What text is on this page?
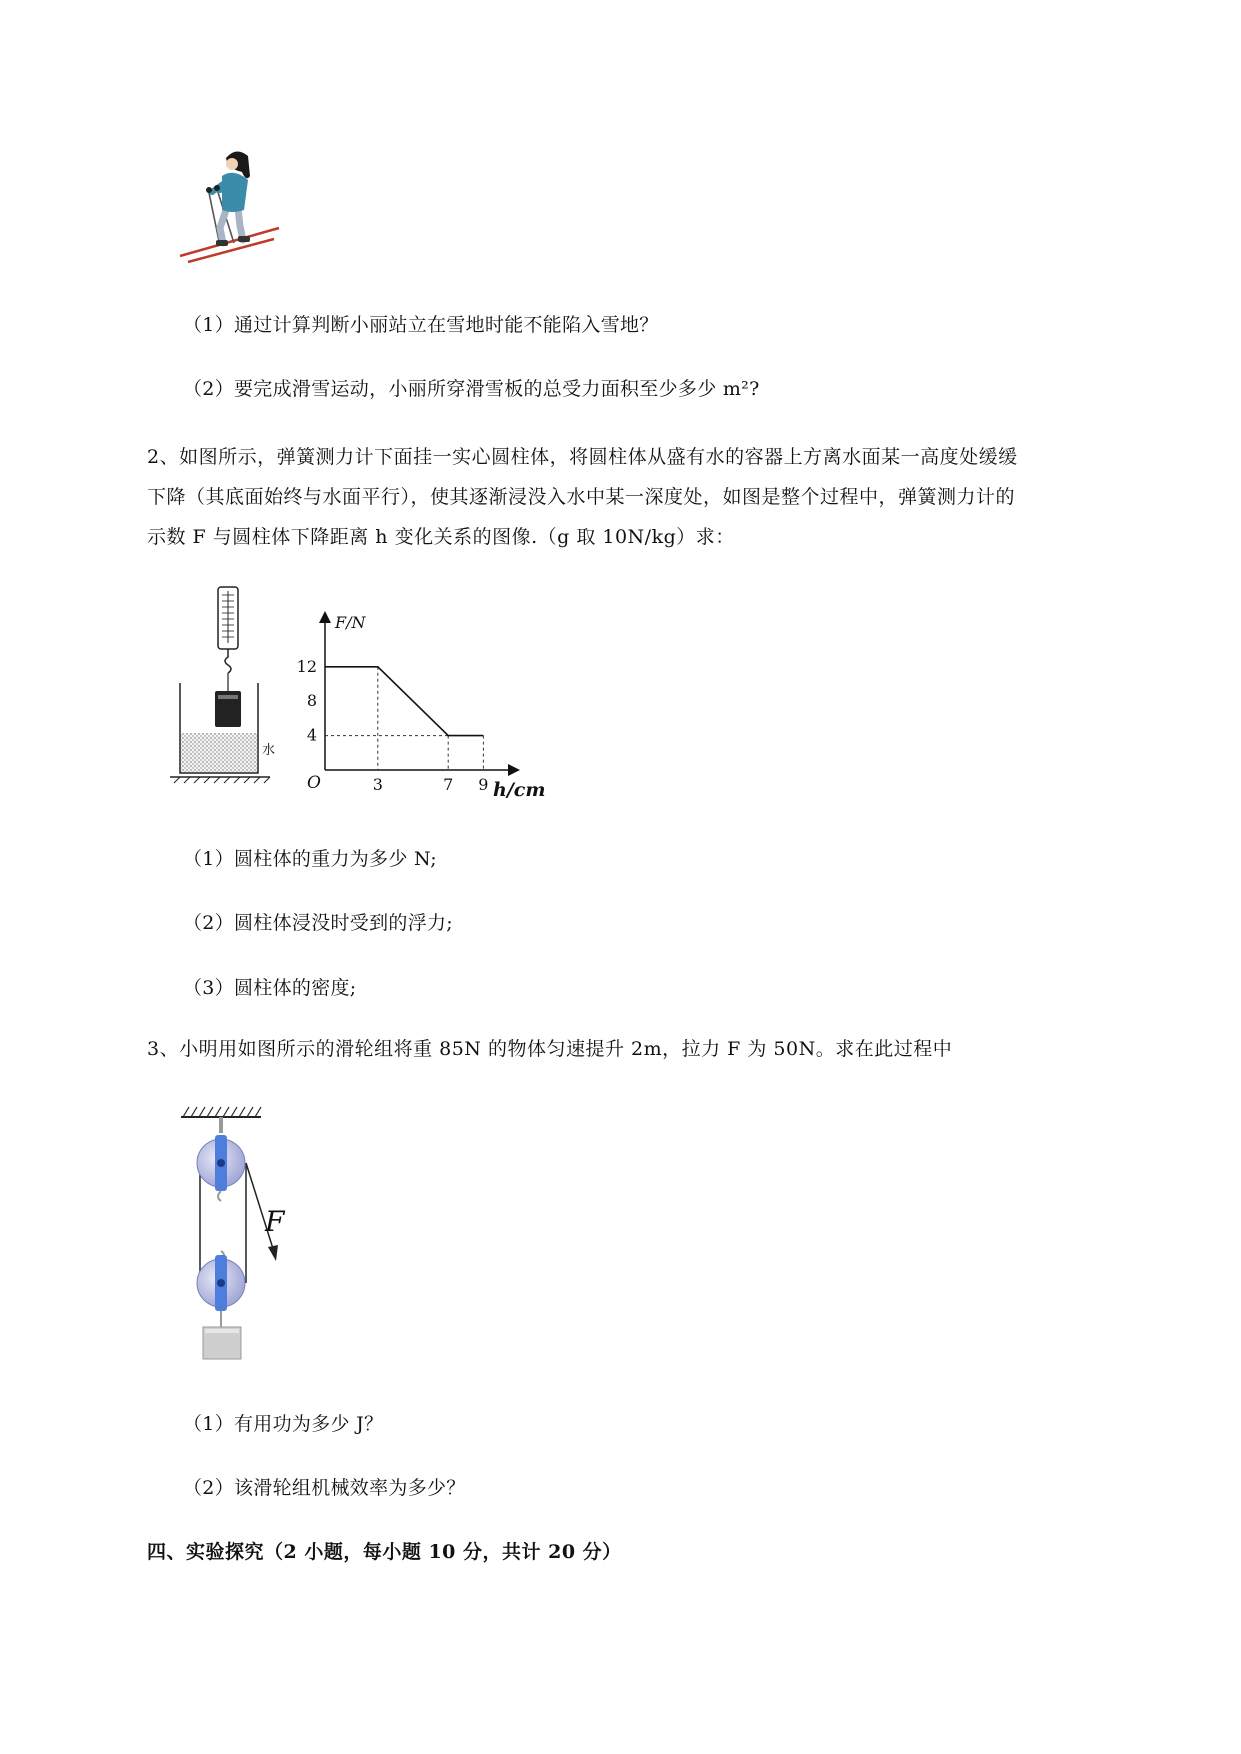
（1）通过计算判断小丽站立在雪地时能不能陷入雪地？
（2）要完成滑雪运动，小丽所穿滑雪板的总受力面积至少多少 m²?
2、如图所示，弹簧测力计下面挂一实心圆柱体，将圆柱体从盛有水的容器上方离水面某一高度处缓缓
下降（其底面始终与水面平行），使其逐渐浸没入水中某一深度处，如图是整个过程中，弹簧测力计的
示数 F 与圆柱体下降距离 h 变化关系的图像.（g 取 10N/kg）求：
水
3	7 9
4
8
12
F/N
h/cm
O
（1）圆柱体的重力为多少 N;
（2）圆柱体浸没时受到的浮力;
（3）圆柱体的密度;
3、小明用如图所示的滑轮组将重 85N 的物体匀速提升 2m，拉力 F 为 50N。求在此过程中
F
（1）有用功为多少 J？
（2）该滑轮组机械效率为多少？
四、实验探究（2 小题，每小题 10 分，共计 20 分）
